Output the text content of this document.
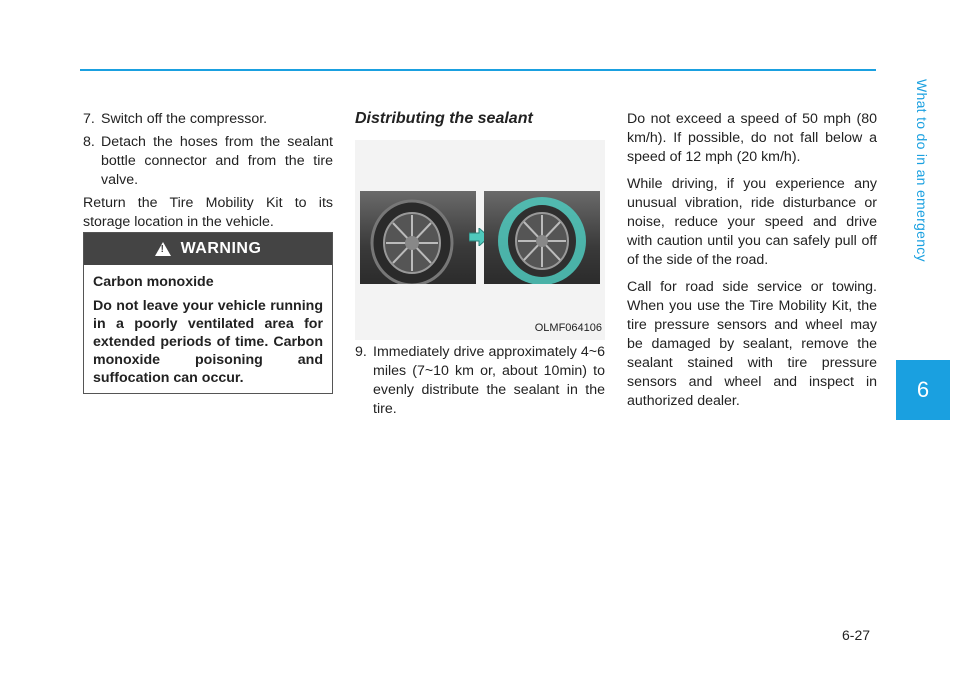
What to do in an emergency
6
7. Switch off the compressor.
8. Detach the hoses from the sealant bottle connector and from the tire valve.

Return the Tire Mobility Kit to its storage location in the vehicle.

!
WARNING

Carbon monoxide

Do not leave your vehicle running in a poorly ventilated area for extended periods of time. Carbon monoxide poisoning and suffocation can occur.

Distributing the sealant
OLMF064106
9. Immediately drive approximately 4~6 miles (7~10 km or, about 10min) to evenly distribute the sealant in the tire.

Do not exceed a speed of 50 mph (80 km/h). If possible, do not fall below a speed of 12 mph (20 km/h).

While driving, if you experience any unusual vibration, ride disturbance or noise, reduce your speed and drive with caution until you can safely pull off of the side of the road.

Call for road side service or towing. When you use the Tire Mobility Kit, the tire pressure sensors and wheel may be damaged by sealant, remove the sealant stained with tire pressure sensors and wheel and inspect in authorized dealer.

6-27
